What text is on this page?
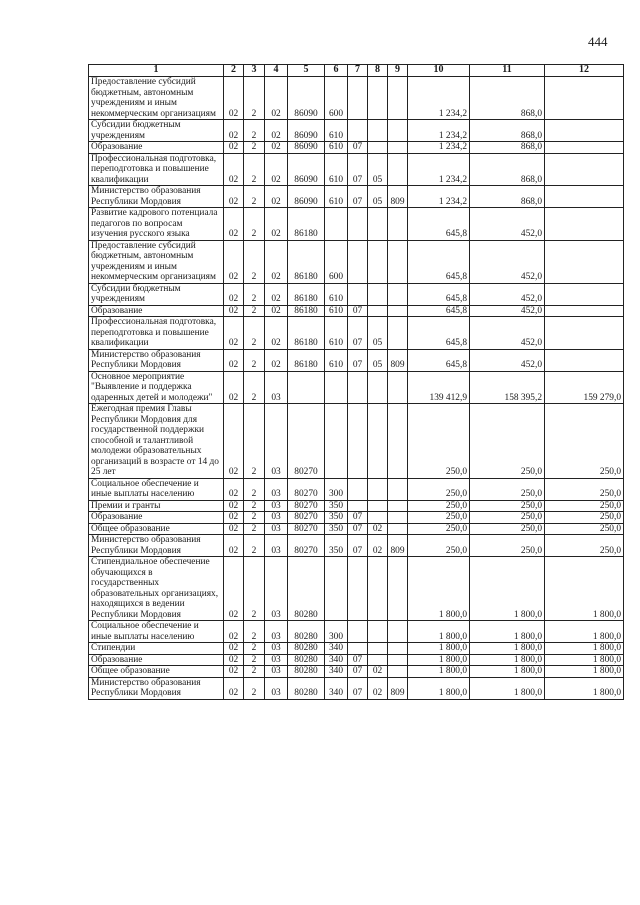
444
1	2	3	4	5	6	7	8	9	10	11	12
Предоставление субсидий бюджетным, автономным учреждениям и иным некоммерческим организациям	02	2	02	86090	600				1 234,2	868,0	
Субсидии бюджетным учреждениям	02	2	02	86090	610				1 234,2	868,0	
Образование	02	2	02	86090	610	07			1 234,2	868,0	
Профессиональная подготовка, переподготовка и повышение квалификации	02	2	02	86090	610	07	05		1 234,2	868,0	
Министерство образования Республики Мордовия	02	2	02	86090	610	07	05	809	1 234,2	868,0	
Развитие кадрового потенциала педагогов по вопросам изучения русского языка	02	2	02	86180					645,8	452,0	
Предоставление субсидий бюджетным, автономным учреждениям и иным некоммерческим организациям	02	2	02	86180	600				645,8	452,0	
Субсидии бюджетным учреждениям	02	2	02	86180	610				645,8	452,0	
Образование	02	2	02	86180	610	07			645,8	452,0	
Профессиональная подготовка, переподготовка и повышение квалификации	02	2	02	86180	610	07	05		645,8	452,0	
Министерство образования Республики Мордовия	02	2	02	86180	610	07	05	809	645,8	452,0	
Основное мероприятие "Выявление и поддержка одаренных детей и молодежи"	02	2	03						139 412,9	158 395,2	159 279,0
Ежегодная премия Главы Республики Мордовия для государственной поддержки способной и талантливой молодежи образовательных организаций в возрасте от 14 до 25 лет	02	2	03	80270					250,0	250,0	250,0
Социальное обеспечение и иные выплаты населению	02	2	03	80270	300				250,0	250,0	250,0
Премии и гранты	02	2	03	80270	350				250,0	250,0	250,0
Образование	02	2	03	80270	350	07			250,0	250,0	250,0
Общее образование	02	2	03	80270	350	07	02		250,0	250,0	250,0
Министерство образования Республики Мордовия	02	2	03	80270	350	07	02	809	250,0	250,0	250,0
Стипендиальное обеспечение обучающихся в государственных образовательных организациях, находящихся в ведении Республики Мордовия	02	2	03	80280					1 800,0	1 800,0	1 800,0
Социальное обеспечение и иные выплаты населению	02	2	03	80280	300				1 800,0	1 800,0	1 800,0
Стипендии	02	2	03	80280	340				1 800,0	1 800,0	1 800,0
Образование	02	2	03	80280	340	07			1 800,0	1 800,0	1 800,0
Общее образование	02	2	03	80280	340	07	02		1 800,0	1 800,0	1 800,0
Министерство образования Республики Мордовия	02	2	03	80280	340	07	02	809	1 800,0	1 800,0	1 800,0
